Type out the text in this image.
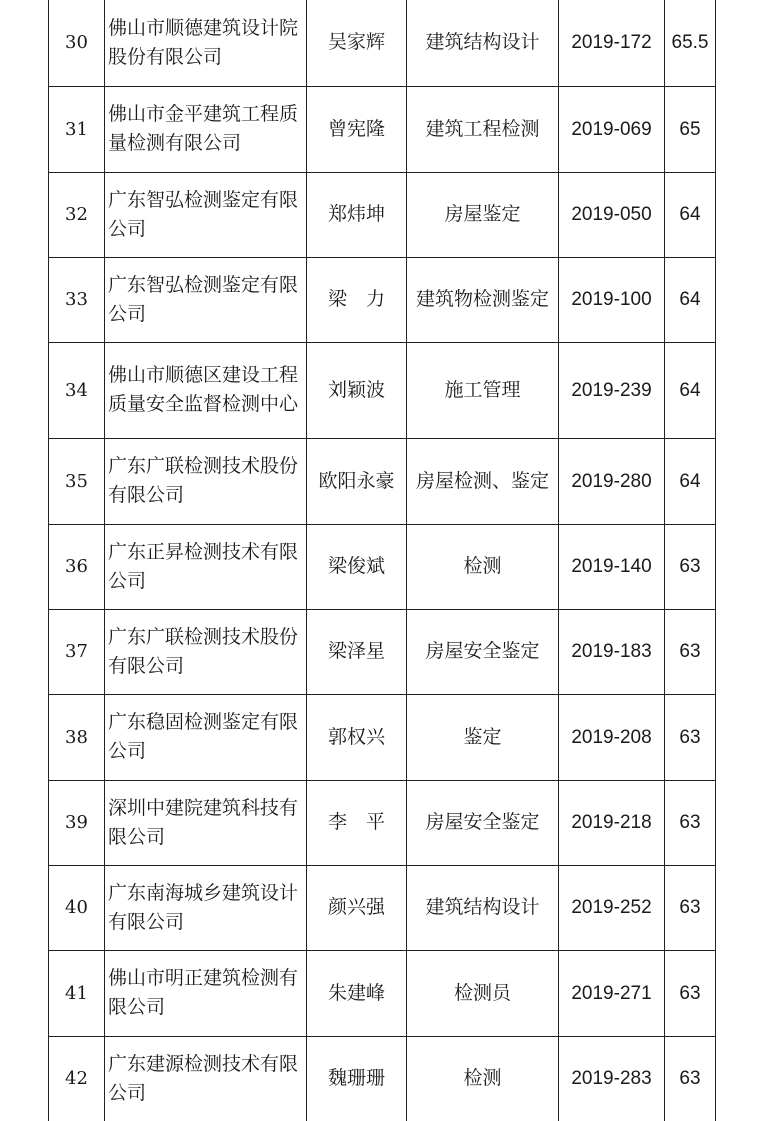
30	佛山市顺德建筑设计院股份有限公司	吴家辉	建筑结构设计	2019-172	65.5
31	佛山市金平建筑工程质量检测有限公司	曾宪隆	建筑工程检测	2019-069	65
32	广东智弘检测鉴定有限公司	郑炜坤	房屋鉴定	2019-050	64
33	广东智弘检测鉴定有限公司	梁　力	建筑物检测鉴定	2019-100	64
34	佛山市顺德区建设工程质量安全监督检测中心	刘颖波	施工管理	2019-239	64
35	广东广联检测技术股份有限公司	欧阳永豪	房屋检测、鉴定	2019-280	64
36	广东正昇检测技术有限公司	梁俊斌	检测	2019-140	63
37	广东广联检测技术股份有限公司	梁泽星	房屋安全鉴定	2019-183	63
38	广东稳固检测鉴定有限公司	郭权兴	鉴定	2019-208	63
39	深圳中建院建筑科技有限公司	李　平	房屋安全鉴定	2019-218	63
40	广东南海城乡建筑设计有限公司	颜兴强	建筑结构设计	2019-252	63
41	佛山市明正建筑检测有限公司	朱建峰	检测员	2019-271	63
42	广东建源检测技术有限公司	魏珊珊	检测	2019-283	63
